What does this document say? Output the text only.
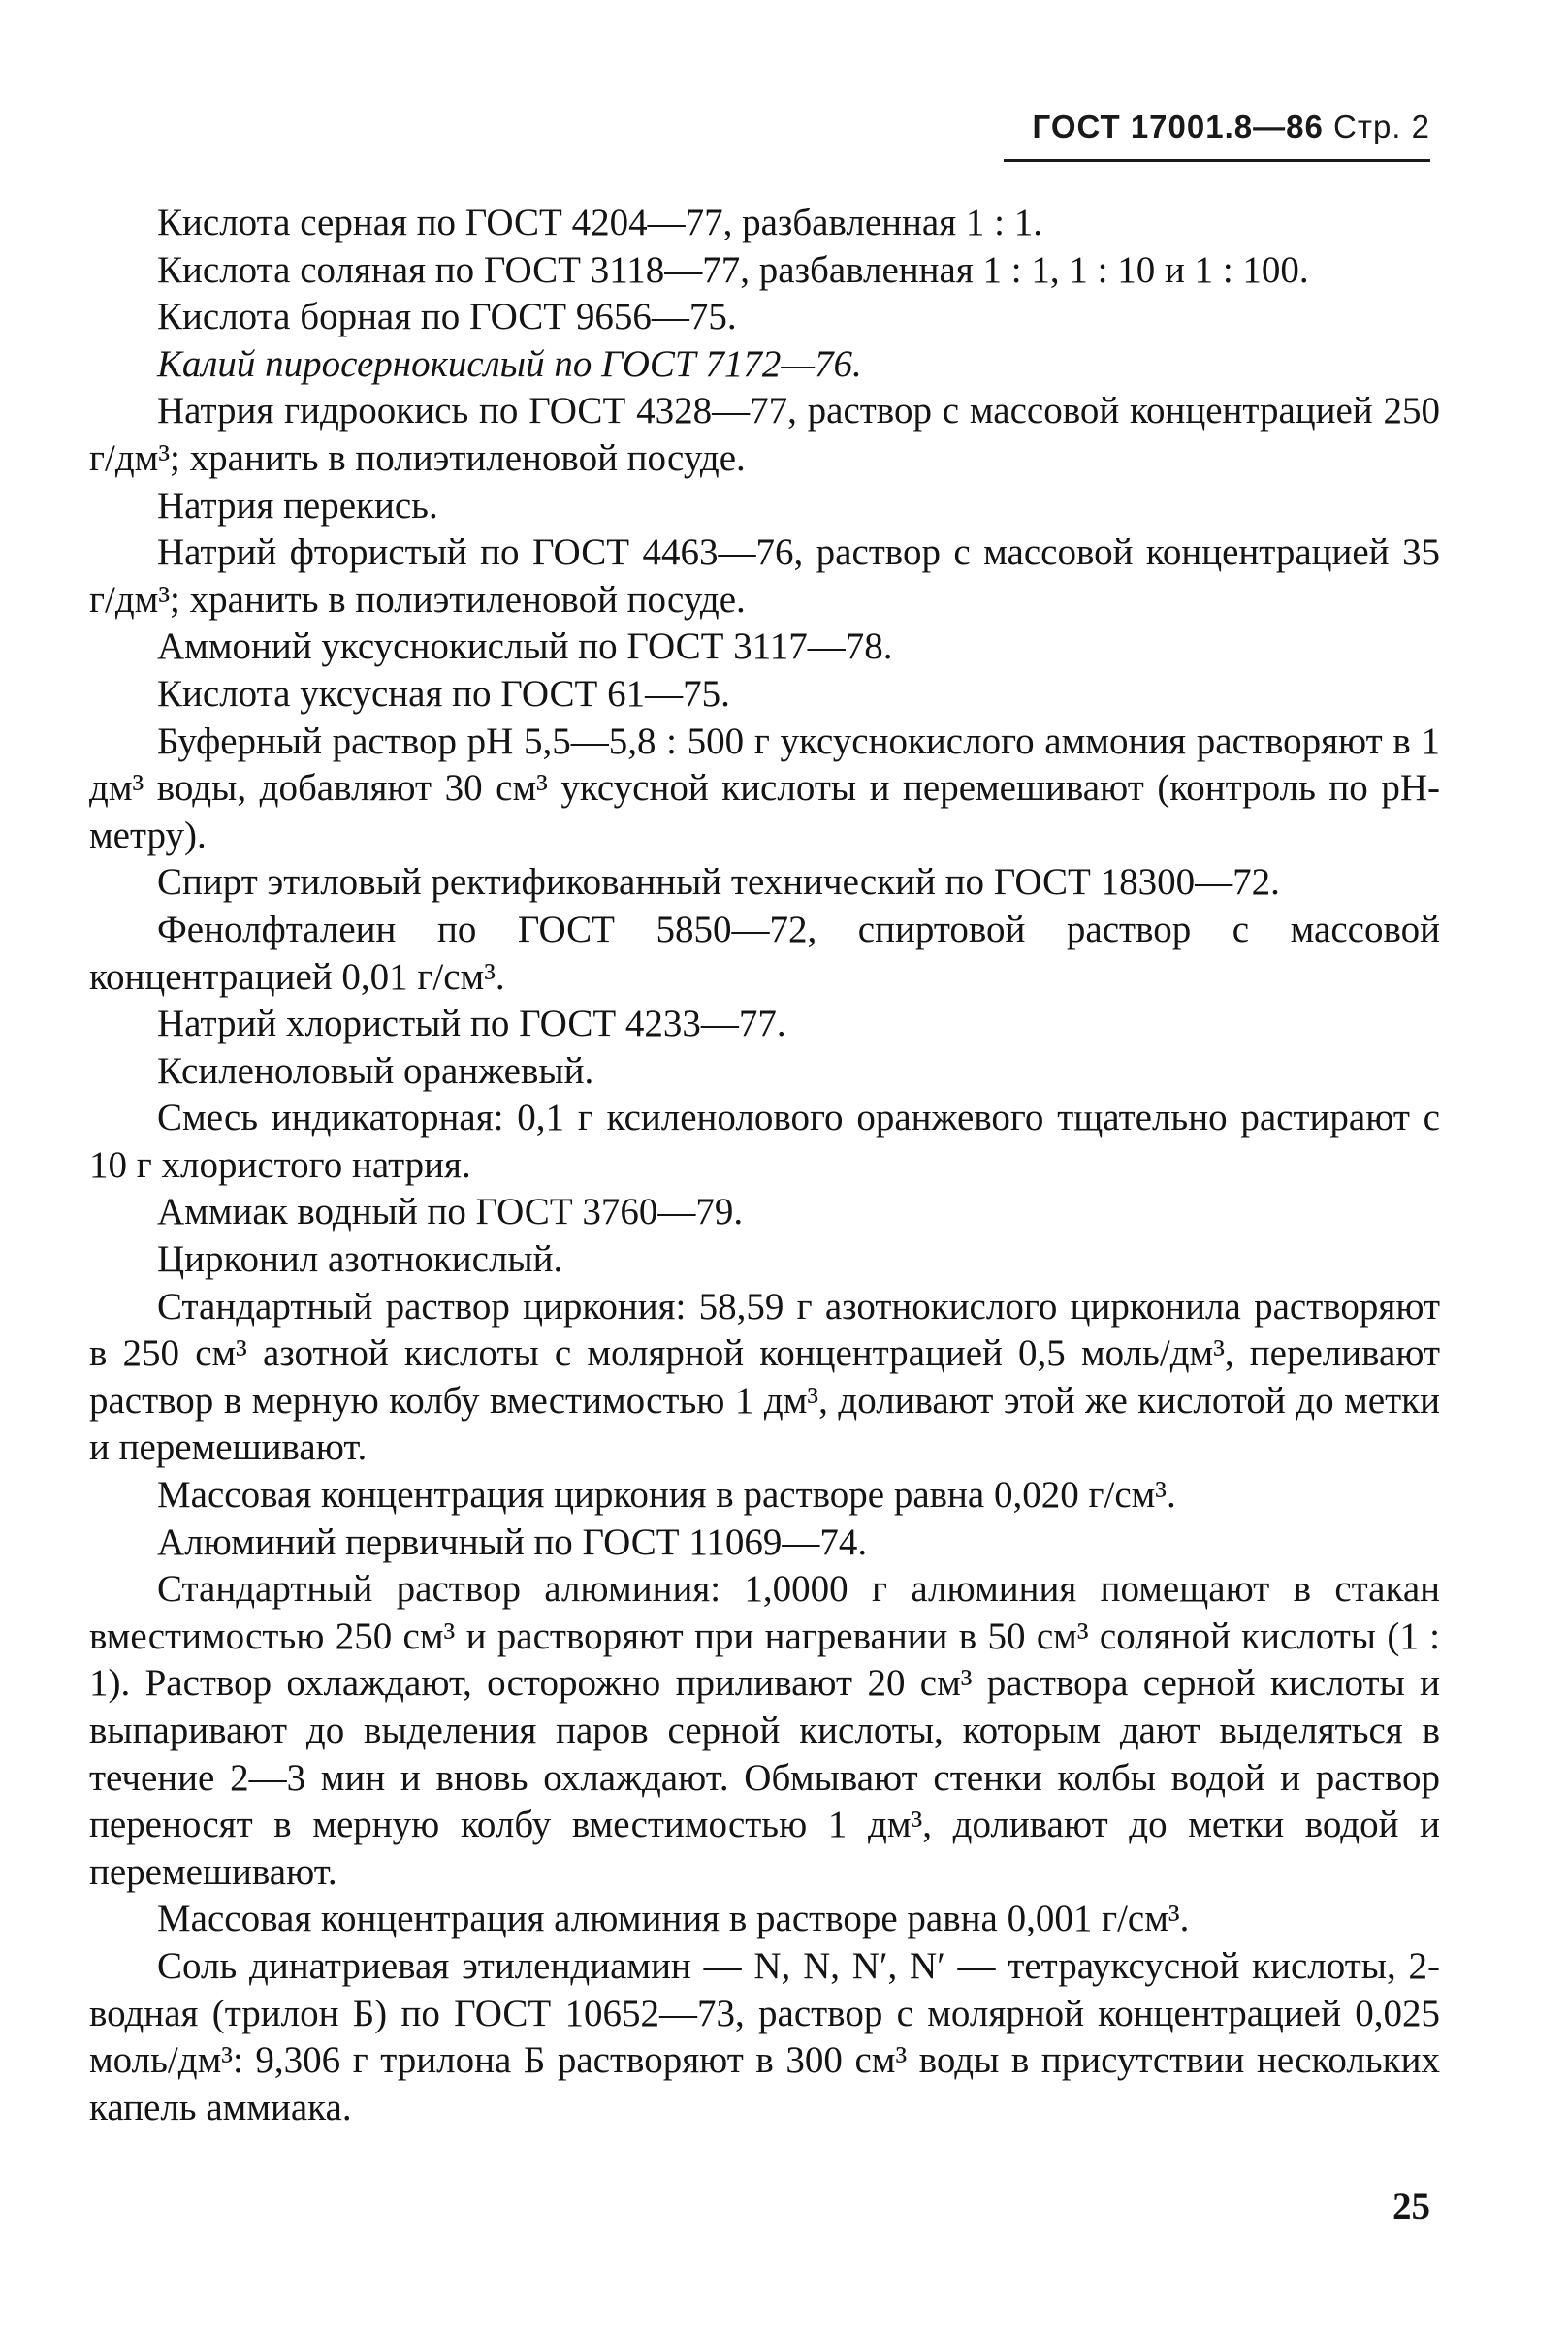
ГОСТ 17001.8—86 Стр. 2

Кислота серная по ГОСТ 4204—77, разбавленная 1 : 1.

Кислота соляная по ГОСТ 3118—77, разбавленная 1 : 1, 1 : 10 и 1 : 100.

Кислота борная по ГОСТ 9656—75.

Калий пиросернокислый по ГОСТ 7172—76.

Натрия гидроокись по ГОСТ 4328—77, раствор с массовой концентрацией 250 г/дм³; хранить в полиэтиленовой посуде.

Натрия перекись.

Натрий фтористый по ГОСТ 4463—76, раствор с массовой концентрацией 35 г/дм³; хранить в полиэтиленовой посуде.

Аммоний уксуснокислый по ГОСТ 3117—78.

Кислота уксусная по ГОСТ 61—75.

Буферный раствор pH 5,5—5,8 : 500 г уксуснокислого аммония растворяют в 1 дм³ воды, добавляют 30 см³ уксусной кислоты и перемешивают (контроль по pH-метру).

Спирт этиловый ректификованный технический по ГОСТ 18300—72.

Фенолфталеин по ГОСТ 5850—72, спиртовой раствор с массовой концентрацией 0,01 г/см³.

Натрий хлористый по ГОСТ 4233—77.

Ксиленоловый оранжевый.

Смесь индикаторная: 0,1 г ксиленолового оранжевого тщательно растирают с 10 г хлористого натрия.

Аммиак водный по ГОСТ 3760—79.

Цирконил азотнокислый.

Стандартный раствор циркония: 58,59 г азотнокислого цирконила растворяют в 250 см³ азотной кислоты с молярной концентрацией 0,5 моль/дм³, переливают раствор в мерную колбу вместимостью 1 дм³, доливают этой же кислотой до метки и перемешивают.

Массовая концентрация циркония в растворе равна 0,020 г/см³.

Алюминий первичный по ГОСТ 11069—74.

Стандартный раствор алюминия: 1,0000 г алюминия помещают в стакан вместимостью 250 см³ и растворяют при нагревании в 50 см³ соляной кислоты (1 : 1). Раствор охлаждают, осторожно приливают 20 см³ раствора серной кислоты и выпаривают до выделения паров серной кислоты, которым дают выделяться в течение 2—3 мин и вновь охлаждают. Обмывают стенки колбы водой и раствор переносят в мерную колбу вместимостью 1 дм³, доливают до метки водой и перемешивают.

Массовая концентрация алюминия в растворе равна 0,001 г/см³.

Соль динатриевая этилендиамин — N, N, N′, N′ — тетрауксусной кислоты, 2-водная (трилон Б) по ГОСТ 10652—73, раствор с молярной концентрацией 0,025 моль/дм³: 9,306 г трилона Б растворяют в 300 см³ воды в присутствии нескольких капель аммиака.

25
